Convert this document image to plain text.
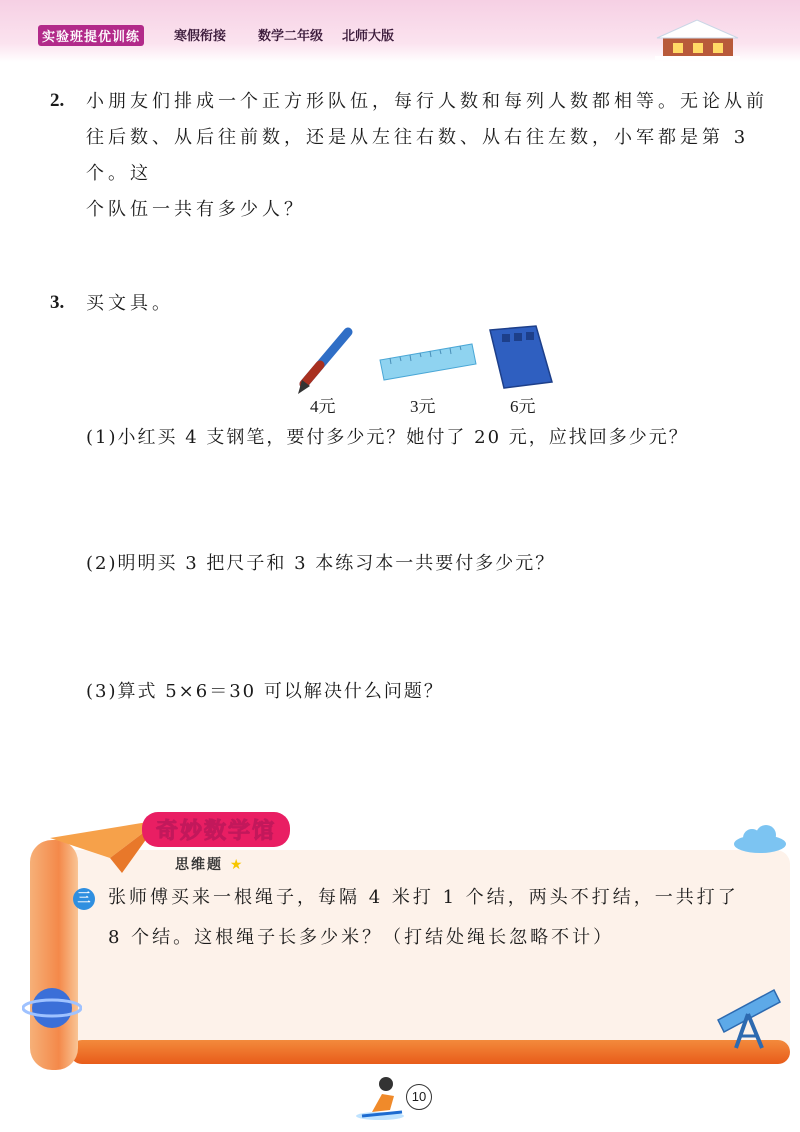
实验班提优训练	寒假衔接 数学二年级 北师大版
2. 小朋友们排成一个正方形队伍，每行人数和每列人数都相等。无论从前
往后数、从后往前数，还是从左往右数、从右往左数，小军都是第 3 个。这
个队伍一共有多少人？
3. 买文具。
4元	3元	6元
(1)小红买 4 支钢笔，要付多少元？她付了 20 元，应找回多少元？
(2)明明买 3 把尺子和 3 本练习本一共要付多少元？
(3)算式 5×6＝30 可以解决什么问题？
奇妙数学馆
思维题 ★
三 张师傅买来一根绳子，每隔 4 米打 1 个结，两头不打结，一共打了
8 个结。这根绳子长多少米？（打结处绳长忽略不计）
10
